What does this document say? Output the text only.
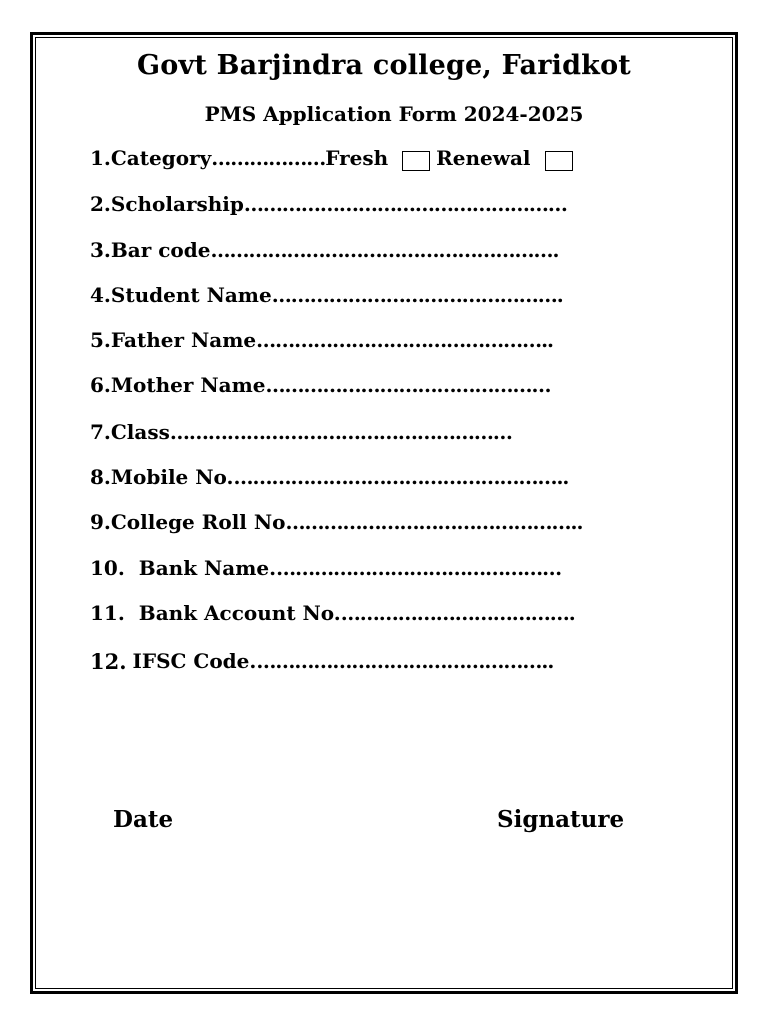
Govt Barjindra college, Faridkot
PMS Application Form 2024-2025
1. Category ……………… Fresh Renewal
2. Scholarship ……………………………………………
3. Bar code ……………………………………………….
4. Student Name ……………………………………….
5. Father Name ………………………………………..
6. Mother Name ………………………………………
7. Class ………………………………………………
8. Mobile No. ……………………………………………..
9. College Roll No ………………………………………..
10. Bank Name. ………………………………………
11. Bank Account No. ……………………………….
12. IFSC Code. ………………………………………..
Date	Signature
